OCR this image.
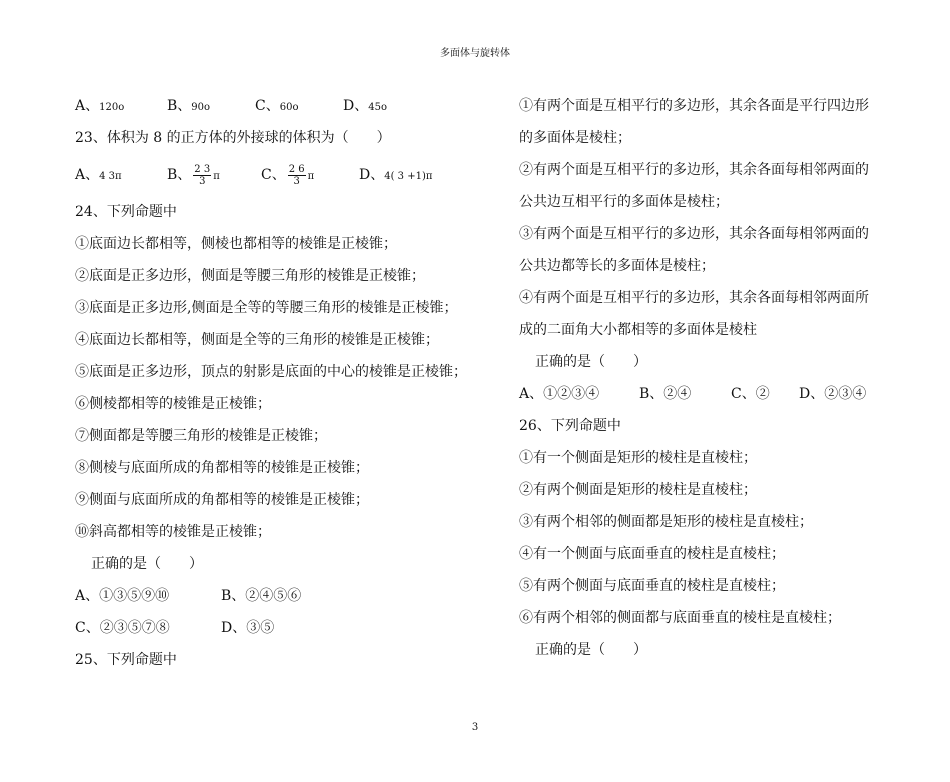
多面体与旋转体
A、120o	B、90o	C、60o	D、45o
23、体积为 8 的正方体的外接球的体积为（　　）
A、4 3π	B、 $\frac{2 3}{3}$ π	C、 $\frac{2 6}{3}$ π	D、4( 3 +1)π
24、下列命题中
①底面边长都相等，侧棱也都相等的棱锥是正棱锥；
②底面是正多边形，侧面是等腰三角形的棱锥是正棱锥；
③底面是正多边形,侧面是全等的等腰三角形的棱锥是正棱锥；
④底面边长都相等，侧面是全等的三角形的棱锥是正棱锥；
⑤底面是正多边形，顶点的射影是底面的中心的棱锥是正棱锥；
⑥侧棱都相等的棱锥是正棱锥；
⑦侧面都是等腰三角形的棱锥是正棱锥；
⑧侧棱与底面所成的角都相等的棱锥是正棱锥；
⑨侧面与底面所成的角都相等的棱锥是正棱锥；
⑩斜高都相等的棱锥是正棱锥；
正确的是（　　）
A、①③⑤⑨⑩	B、②④⑤⑥
C、②③⑤⑦⑧	D、③⑤
25、下列命题中
①有两个面是互相平行的多边形，其余各面是平行四边形
的多面体是棱柱；
②有两个面是互相平行的多边形，其余各面每相邻两面的
公共边互相平行的多面体是棱柱；
③有两个面是互相平行的多边形，其余各面每相邻两面的
公共边都等长的多面体是棱柱；
④有两个面是互相平行的多边形，其余各面每相邻两面所
成的二面角大小都相等的多面体是棱柱
正确的是（　　）
A、①②③④	B、②④	C、② D、②③④
26、下列命题中
①有一个侧面是矩形的棱柱是直棱柱；
②有两个侧面是矩形的棱柱是直棱柱；
③有两个相邻的侧面都是矩形的棱柱是直棱柱；
④有一个侧面与底面垂直的棱柱是直棱柱；
⑤有两个侧面与底面垂直的棱柱是直棱柱；
⑥有两个相邻的侧面都与底面垂直的棱柱是直棱柱；
正确的是（　　）
3
